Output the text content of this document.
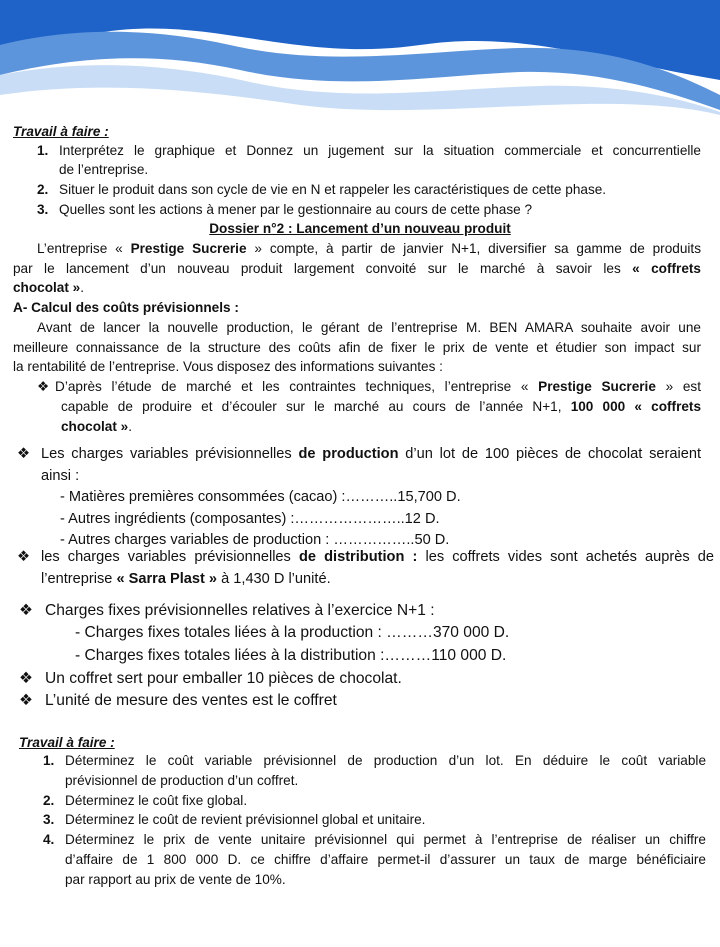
Travail à faire :
1. Interprétez le graphique et Donnez un jugement sur la situation commerciale et concurrentielle
de l’entreprise.
2. Situer le produit dans son cycle de vie en N et rappeler les caractéristiques de cette phase.
3. Quelles sont les actions à mener par le gestionnaire au cours de cette phase ?
Dossier n°2 : Lancement d’un nouveau produit
L’entreprise « Prestige Sucrerie » compte, à partir de janvier N+1, diversifier sa gamme de produits
par le lancement d’un nouveau produit largement convoité sur le marché à savoir les « coffrets
chocolat ».
A- Calcul des coûts prévisionnels :
Avant de lancer la nouvelle production, le gérant de l’entreprise M. BEN AMARA souhaite avoir une
meilleure connaissance de la structure des coûts afin de fixer le prix de vente et étudier son impact sur
la rentabilité de l’entreprise. Vous disposez des informations suivantes :
❖ D’après l’étude de marché et les contraintes techniques, l’entreprise « Prestige Sucrerie » est
capable de produire et d’écouler sur le marché au cours de l’année N+1, 100 000 « coffrets
chocolat ».
❖ Les charges variables prévisionnelles de production d’un lot de 100 pièces de chocolat seraient
ainsi :
- Matières premières consommées (cacao) :………..15,700 D.
- Autres ingrédients (composantes) :…………………..12 D.
- Autres charges variables de production : ……………..50 D.
❖ les charges variables prévisionnelles de distribution : les coffrets vides sont achetés auprès de
l’entreprise « Sarra Plast » à 1,430 D l’unité.
❖ Charges fixes prévisionnelles relatives à l’exercice N+1 :
- Charges fixes totales liées à la production : ………370 000 D.
- Charges fixes totales liées à la distribution :………110 000 D.
❖ Un coffret sert pour emballer 10 pièces de chocolat.
❖ L’unité de mesure des ventes est le coffret
Travail à faire :
1. Déterminez le coût variable prévisionnel de production d’un lot. En déduire le coût variable
prévisionnel de production d’un coffret.
2. Déterminez le coût fixe global.
3. Déterminez le coût de revient prévisionnel global et unitaire.
4. Déterminez le prix de vente unitaire prévisionnel qui permet à l’entreprise de réaliser un chiffre
d’affaire de 1 800 000 D. ce chiffre d’affaire permet-il d’assurer un taux de marge bénéficiaire
par rapport au prix de vente de 10%.
